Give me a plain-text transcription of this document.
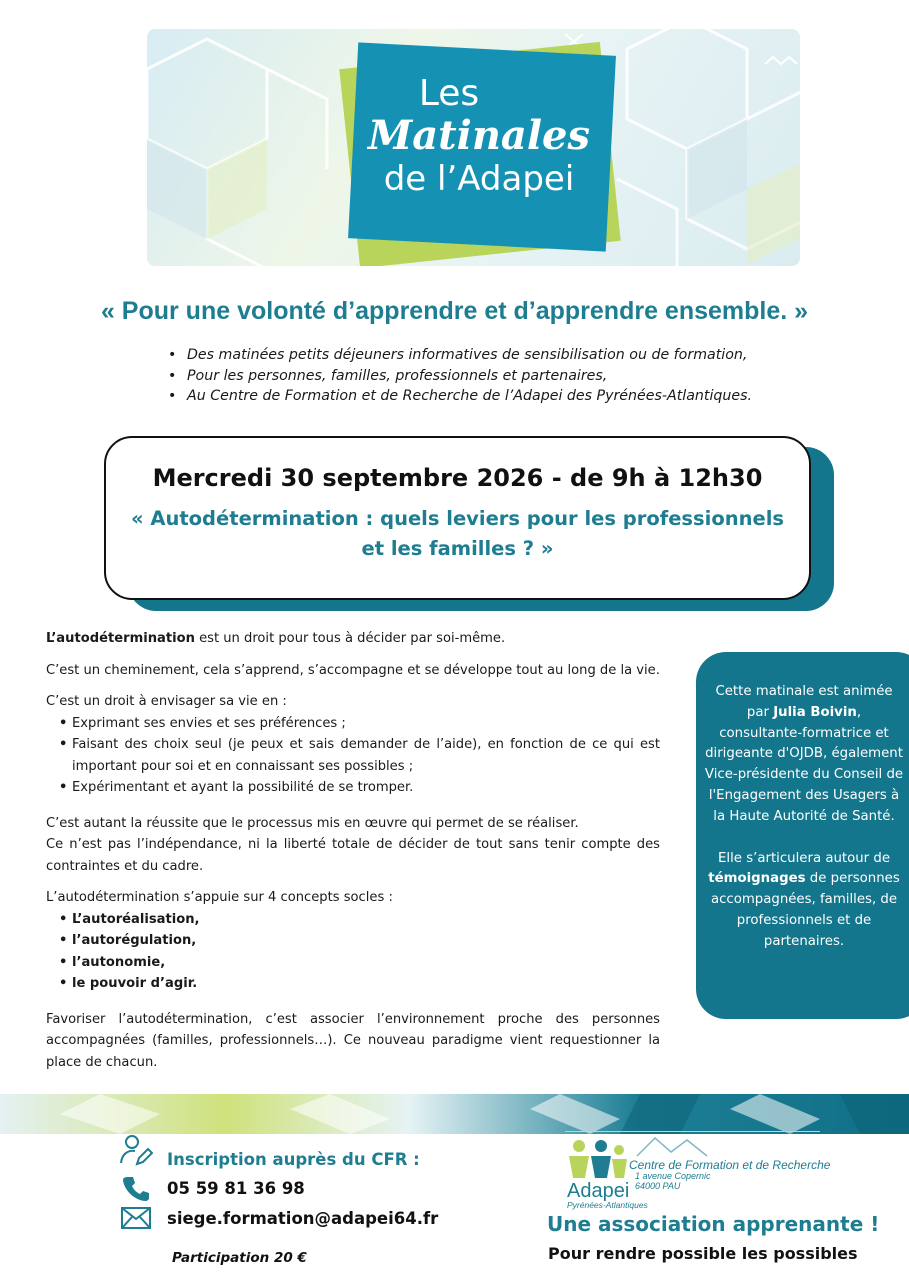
Les
Matinales
de l’Adapei
« Pour une volonté d’apprendre et d’apprendre ensemble. »
• Des matinées petits déjeuners informatives de sensibilisation ou de formation,
• Pour les personnes, familles, professionnels et partenaires,
• Au Centre de Formation et de Recherche de l’Adapei des Pyrénées-Atlantiques.
Mercredi 30 septembre 2026 - de 9h à 12h30
« Autodétermination : quels leviers pour les professionnels et les familles ? »

L’autodétermination est un droit pour tous à décider par soi-même.

C’est un cheminement, cela s’apprend, s’accompagne et se développe tout au long de la vie.

C’est un droit à envisager sa vie en :
• Exprimant ses envies et ses préférences ;
• Faisant des choix seul (je peux et sais demander de l’aide), en fonction de ce qui est important pour soi et en connaissant ses possibles ;
• Expérimentant et ayant la possibilité de se tromper.
C’est autant la réussite que le processus mis en œuvre qui permet de se réaliser.

Ce n’est pas l’indépendance, ni la liberté totale de décider de tout sans tenir compte des contraintes et du cadre.

L’autodétermination s’appuie sur 4 concepts socles :
• L’autoréalisation,
• l’autorégulation,
• l’autonomie,
• le pouvoir d’agir.

Favoriser l’autodétermination, c’est associer l’environnement proche des personnes accompagnées (familles, professionnels…). Ce nouveau paradigme vient requestionner la place de chacun.

Cette matinale est animée par Julia Boivin, consultante-formatrice et dirigeante d'OJDB, également Vice-présidente du Conseil de l'Engagement des Usagers à la Haute Autorité de Santé.

Elle s’articulera autour de témoignages de personnes accompagnées, familles, de professionnels et de partenaires.

Inscription auprès du CFR :
05 59 81 36 98
siege.formation@adapei64.fr
Participation 20 €
Adapei
Pyrénées-Atlantiques
Centre de Formation et de Recherche
1 avenue Copernic
64000 PAU
Une association apprenante !
Pour rendre possible les possibles
